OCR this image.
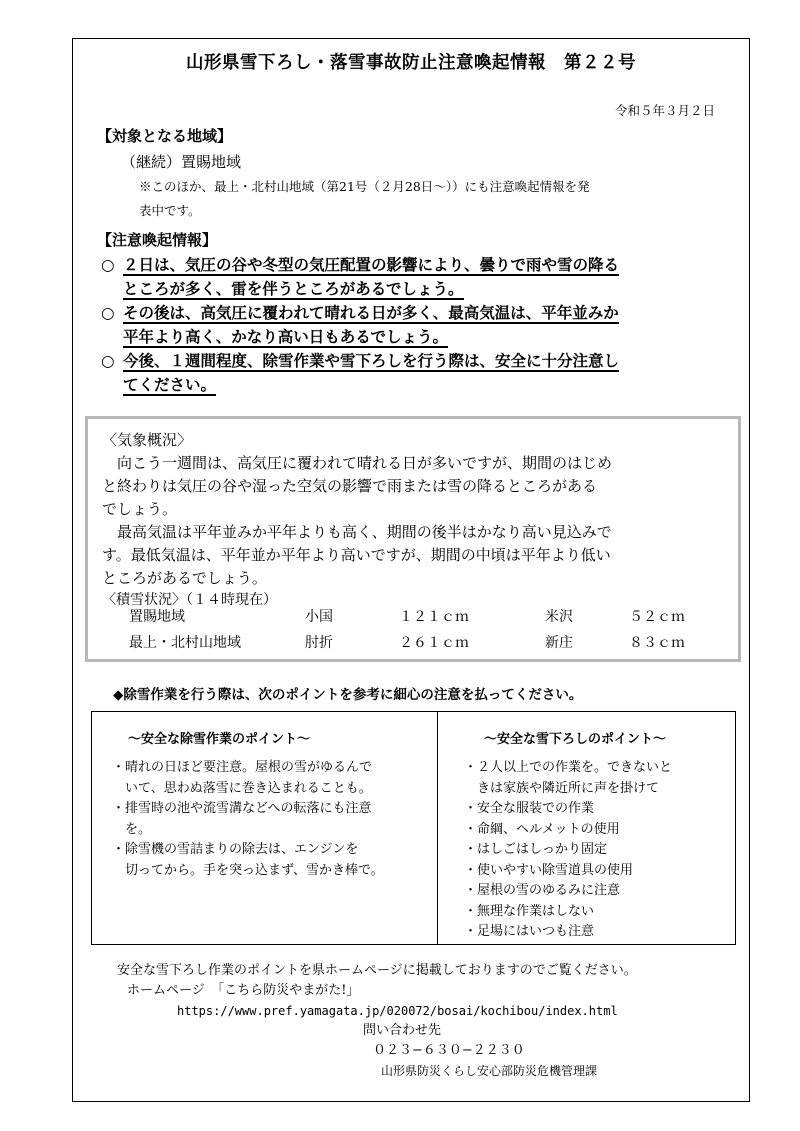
山形県雪下ろし・落雪事故防止注意喚起情報　第２２号
令和５年３月２日
【対象となる地域】
（継続）置賜地域
※このほか、最上・北村山地域（第21号（２月28日〜））にも注意喚起情報を発
表中です。
【注意喚起情報】
○ ２日は、気圧の谷や冬型の気圧配置の影響により、曇りで雨や雪の降る
ところが多く、雷を伴うところがあるでしょう。
○ その後は、高気圧に覆われて晴れる日が多く、最高気温は、平年並みか
平年より高く、かなり高い日もあるでしょう。
○ 今後、１週間程度、除雪作業や雪下ろしを行う際は、安全に十分注意し
てください。
〈気象概況〉
　向こう一週間は、高気圧に覆われて晴れる日が多いですが、期間のはじめ
と終わりは気圧の谷や湿った空気の影響で雨または雪の降るところがある
でしょう。
　最高気温は平年並みか平年よりも高く、期間の後半はかなり高い見込みで
す。最低気温は、平年並か平年より高いですが、期間の中頃は平年より低い
ところがあるでしょう。
〈積雪状況〉（１４時現在）
置賜地域	小国	１２１ｃｍ	米沢	５２ｃｍ
最上・北村山地域	肘折	２６１ｃｍ	新庄	８３ｃｍ
◆除雪作業を行う際は、次のポイントを参考に細心の注意を払ってください。
〜安全な除雪作業のポイント〜
・晴れの日ほど要注意。屋根の雪がゆるんで
　いて、思わぬ落雪に巻き込まれることも。
・排雪時の池や流雪溝などへの転落にも注意
　を。
・除雪機の雪詰まりの除去は、エンジンを
　切ってから。手を突っ込まず、雪かき棒で。
〜安全な雪下ろしのポイント〜
・２人以上での作業を。できないと
　きは家族や隣近所に声を掛けて
・安全な服装での作業
・命綱、ヘルメットの使用
・はしごはしっかり固定
・使いやすい除雪道具の使用
・屋根の雪のゆるみに注意
・無理な作業はしない
・足場にはいつも注意
安全な雪下ろし作業のポイントを県ホームページに掲載しておりますのでご覧ください。
ホームページ　「こちら防災やまがた!」
https://www.pref.yamagata.jp/020072/bosai/kochibou/index.html
問い合わせ先
０２３−６３０−２２３０
山形県防災くらし安心部防災危機管理課
